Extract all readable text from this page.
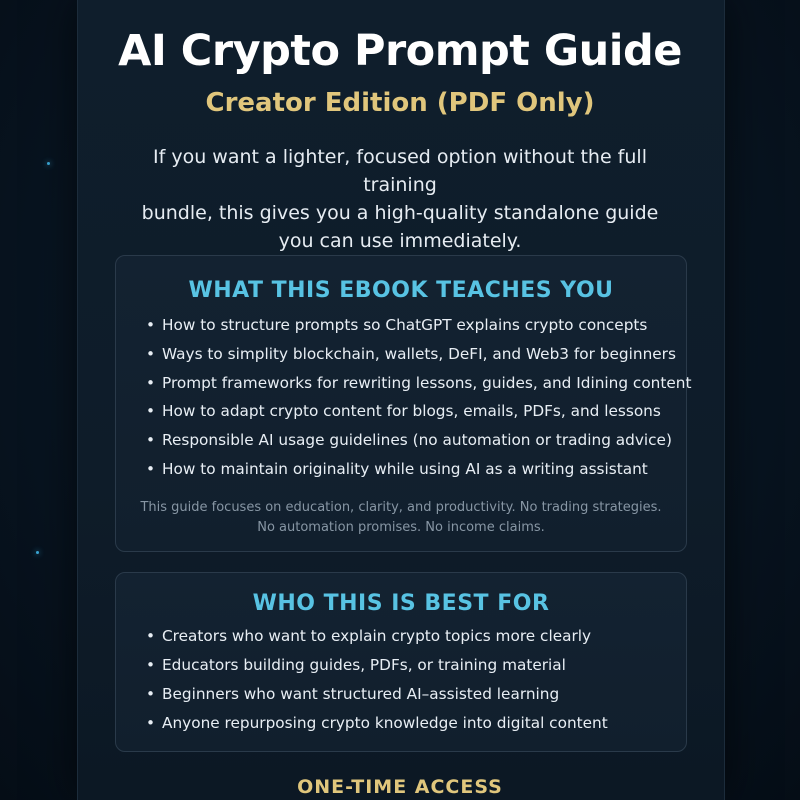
AI Crypto Prompt Guide
Creator Edition (PDF Only)
If you want a lighter, focused option without the full training
bundle, this gives you a high-quality standalone guide
you can use immediately.
WHAT THIS EBOOK TEACHES YOU
• How to structure prompts so ChatGPT explains crypto concepts
• Ways to simplity blockchain, wallets, DeFI, and Web3 for beginners
• Prompt frameworks for rewriting lessons, guides, and Idining content
• How to adapt crypto content for blogs, emails, PDFs, and lessons
• Responsible AI usage guidelines (no automation or trading advice)
• How to maintain originality while using AI as a writing assistant
This guide focuses on education, clarity, and productivity. No trading strategies.
No automation promises. No income claims.
WHO THIS IS BEST FOR
• Creators who want to explain crypto topics more clearly
• Educators building guides, PDFs, or training material
• Beginners who want structured AI–assisted learning
• Anyone repurposing crypto knowledge into digital content
ONE-TIME ACCESS
